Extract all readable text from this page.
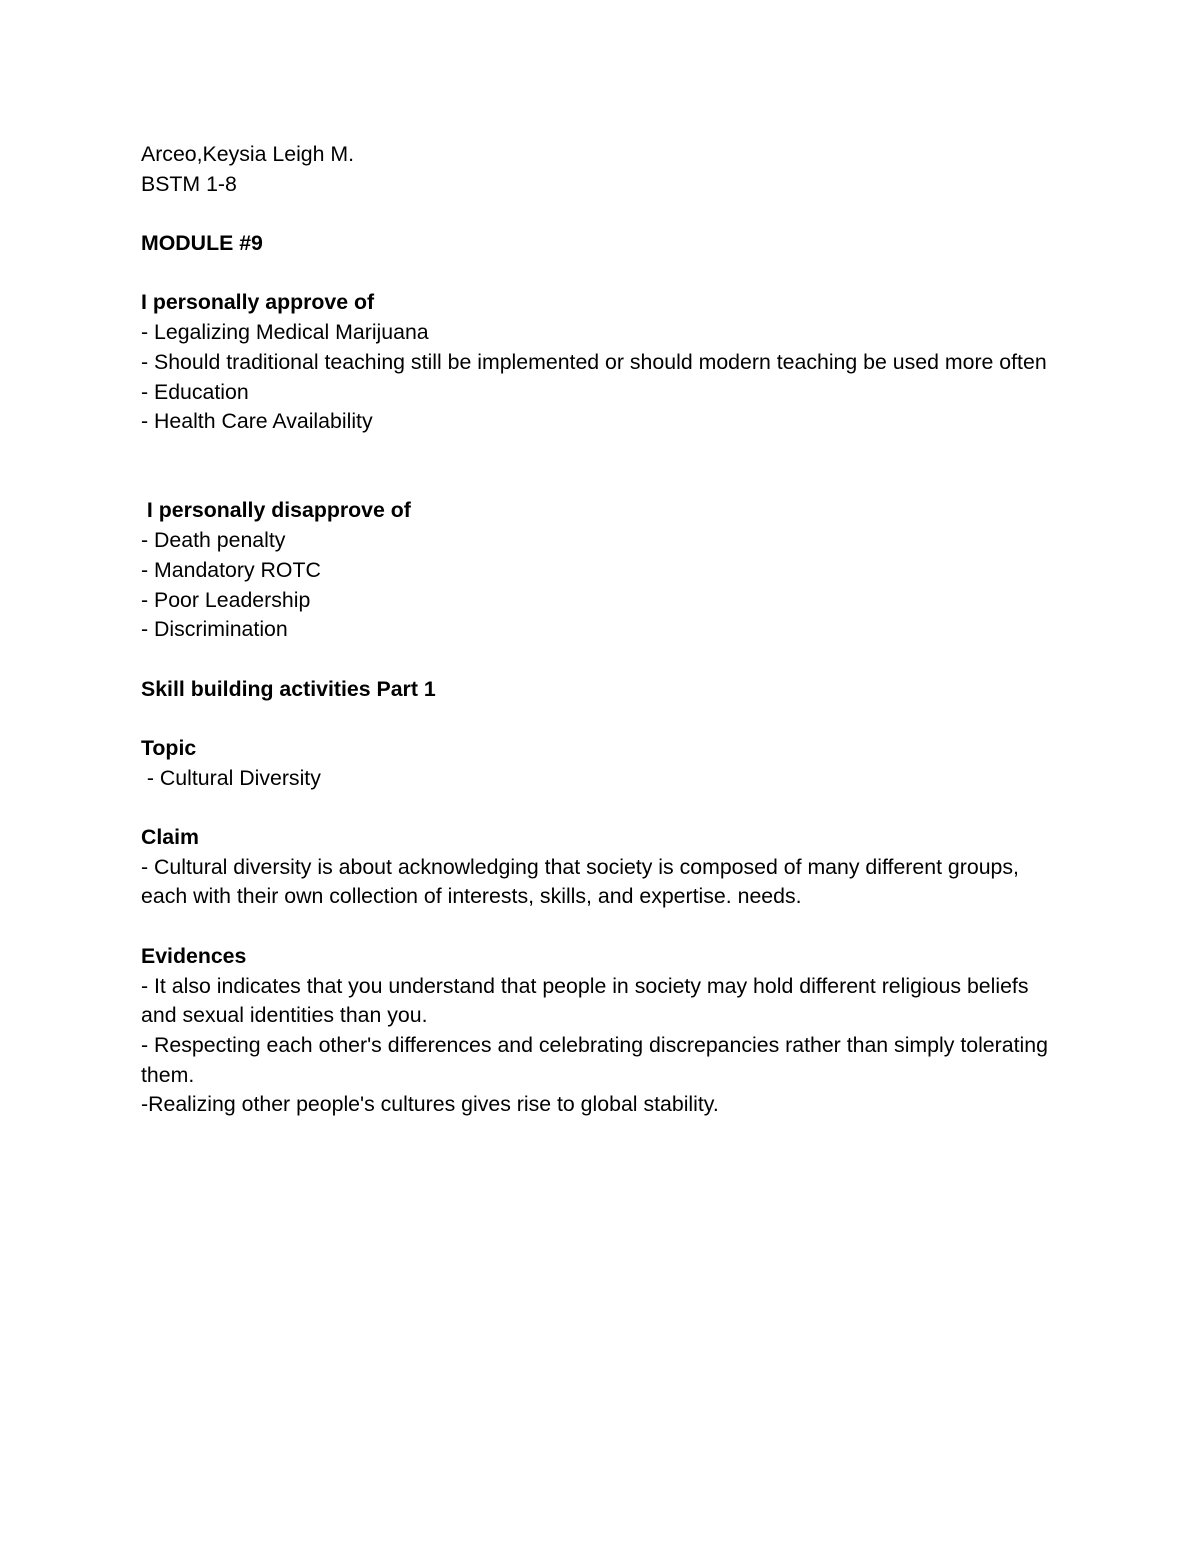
Arceo,Keysia Leigh M.
BSTM 1-8
MODULE #9
I personally approve of
- Legalizing Medical Marijuana
- Should traditional teaching still be implemented or should modern teaching be used more often
- Education
- Health Care Availability
I personally disapprove of
- Death penalty
- Mandatory ROTC
- Poor Leadership
- Discrimination
Skill building activities Part 1
Topic
- Cultural Diversity
Claim
- Cultural diversity is about acknowledging that society is composed of many different groups, each with their own collection of interests, skills, and expertise. needs.
Evidences
- It also indicates that you understand that people in society may hold different religious beliefs and sexual identities than you.
- Respecting each other's differences and celebrating discrepancies rather than simply tolerating them.
-Realizing other people's cultures gives rise to global stability.
